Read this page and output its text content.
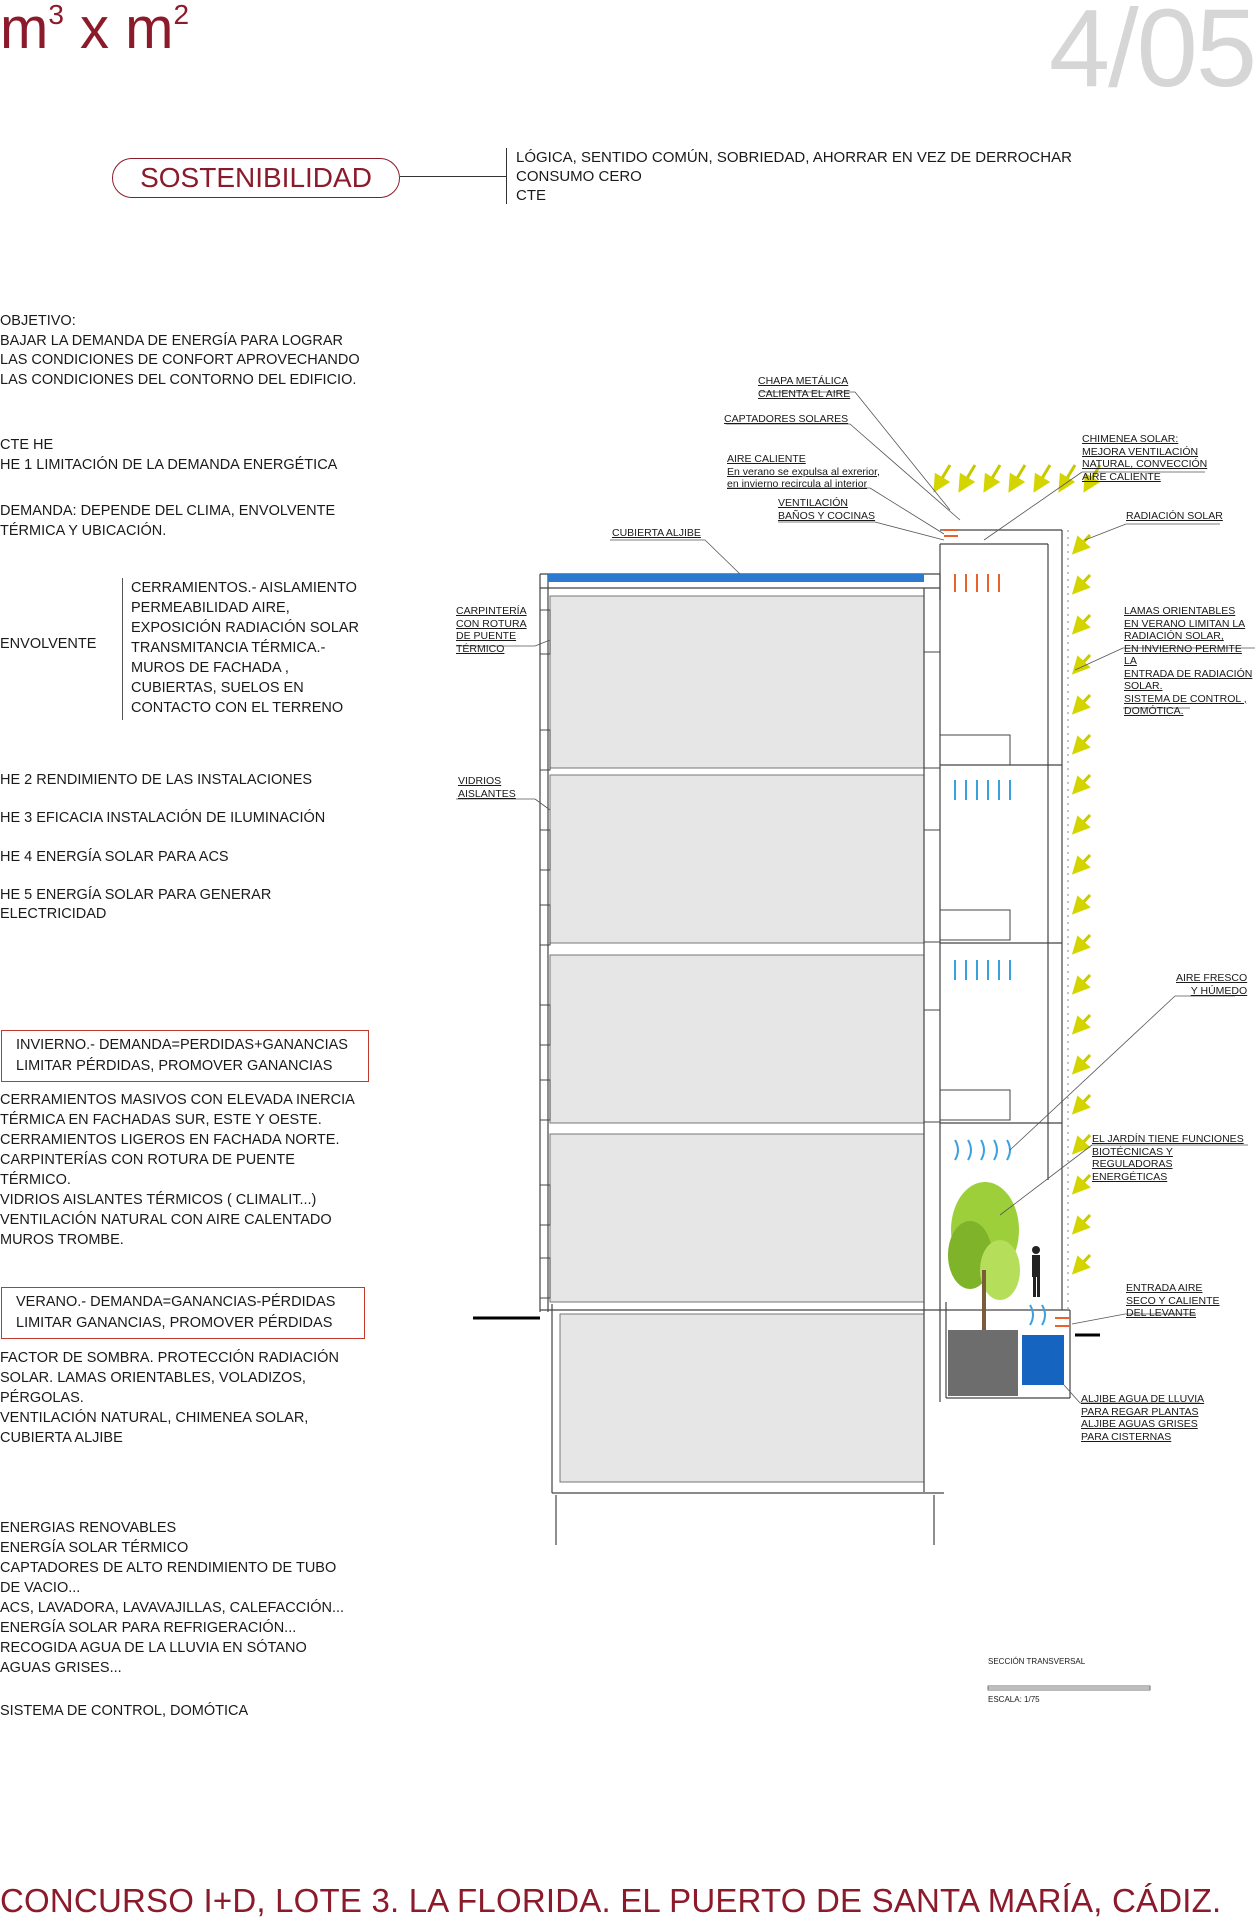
$m^3$ x $m^2$	4/05
SOSTENIBILIDAD
LÓGICA, SENTIDO COMÚN, SOBRIEDAD, AHORRAR EN VEZ DE DERROCHAR
CONSUMO CERO
CTE
OBJETIVO:
BAJAR LA DEMANDA DE ENERGÍA PARA LOGRAR
LAS CONDICIONES DE CONFORT APROVECHANDO
LAS CONDICIONES DEL CONTORNO DEL EDIFICIO.
CTE HE
HE 1 LIMITACIÓN DE LA DEMANDA ENERGÉTICA
DEMANDA: DEPENDE DEL CLIMA, ENVOLVENTE
TÉRMICA Y UBICACIÓN.
ENVOLVENTE
CERRAMIENTOS.- AISLAMIENTO
PERMEABILIDAD AIRE,
EXPOSICIÓN RADIACIÓN SOLAR
TRANSMITANCIA TÉRMICA.-
MUROS DE FACHADA ,
CUBIERTAS, SUELOS EN
CONTACTO CON EL TERRENO
HE 2 RENDIMIENTO DE LAS INSTALACIONES
HE 3 EFICACIA INSTALACIÓN DE ILUMINACIÓN
HE 4 ENERGÍA SOLAR PARA ACS
HE 5 ENERGÍA SOLAR PARA GENERAR
ELECTRICIDAD
INVIERNO.- DEMANDA=PERDIDAS+GANANCIAS
LIMITAR PÉRDIDAS, PROMOVER GANANCIAS
CERRAMIENTOS MASIVOS CON ELEVADA INERCIA
TÉRMICA EN FACHADAS SUR, ESTE Y OESTE.
CERRAMIENTOS LIGEROS EN FACHADA NORTE.
CARPINTERÍAS CON ROTURA DE PUENTE
TÉRMICO.
VIDRIOS AISLANTES TÉRMICOS ( CLIMALIT...)
VENTILACIÓN NATURAL CON AIRE CALENTADO
MUROS TROMBE.
VERANO.- DEMANDA=GANANCIAS-PÉRDIDAS
LIMITAR GANANCIAS, PROMOVER PÉRDIDAS
FACTOR DE SOMBRA. PROTECCIÓN RADIACIÓN
SOLAR. LAMAS ORIENTABLES, VOLADIZOS,
PÉRGOLAS.
VENTILACIÓN NATURAL, CHIMENEA SOLAR,
CUBIERTA ALJIBE
ENERGIAS RENOVABLES
ENERGÍA SOLAR TÉRMICO
CAPTADORES DE ALTO RENDIMIENTO DE TUBO
DE VACIO...
ACS, LAVADORA, LAVAVAJILLAS, CALEFACCIÓN...
ENERGÍA SOLAR PARA REFRIGERACIÓN...
RECOGIDA AGUA DE LA LLUVIA EN SÓTANO
AGUAS GRISES...
SISTEMA DE CONTROL, DOMÓTICA
CHAPA METÁLICA
CALIENTA EL AIRE
CAPTADORES SOLARES
AIRE CALIENTE
En verano se expulsa al exrerior,
en invierno recircula al interior
VENTILACIÓN
BAÑOS Y COCINAS
CUBIERTA ALJIBE
CHIMENEA SOLAR:
MEJORA VENTILACIÓN
NATURAL, CONVECCIÓN
AIRE CALIENTE
RADIACIÓN SOLAR
CARPINTERÍA
CON ROTURA
DE PUENTE
TÉRMICO
LAMAS ORIENTABLES
EN VERANO LIMITAN LA
RADIACIÓN SOLAR,
EN INVIERNO PERMITE LA
ENTRADA DE RADIACIÓN
SOLAR.
SISTEMA DE CONTROL ,
DOMÓTICA.
VIDRIOS
AISLANTES
AIRE FRESCO
Y HÚMEDO
EL JARDÍN TIENE FUNCIONES
BIOTÉCNICAS Y REGULADORAS
ENERGÉTICAS
ENTRADA AIRE
SECO Y CALIENTE
DEL LEVANTE
ALJIBE AGUA DE LLUVIA
PARA REGAR PLANTAS
ALJIBE AGUAS GRISES
PARA CISTERNAS
SECCIÓN TRANSVERSAL
ESCALA: 1/75
CONCURSO I+D, LOTE 3. LA FLORIDA. EL PUERTO DE SANTA MARÍA, CÁDIZ.
